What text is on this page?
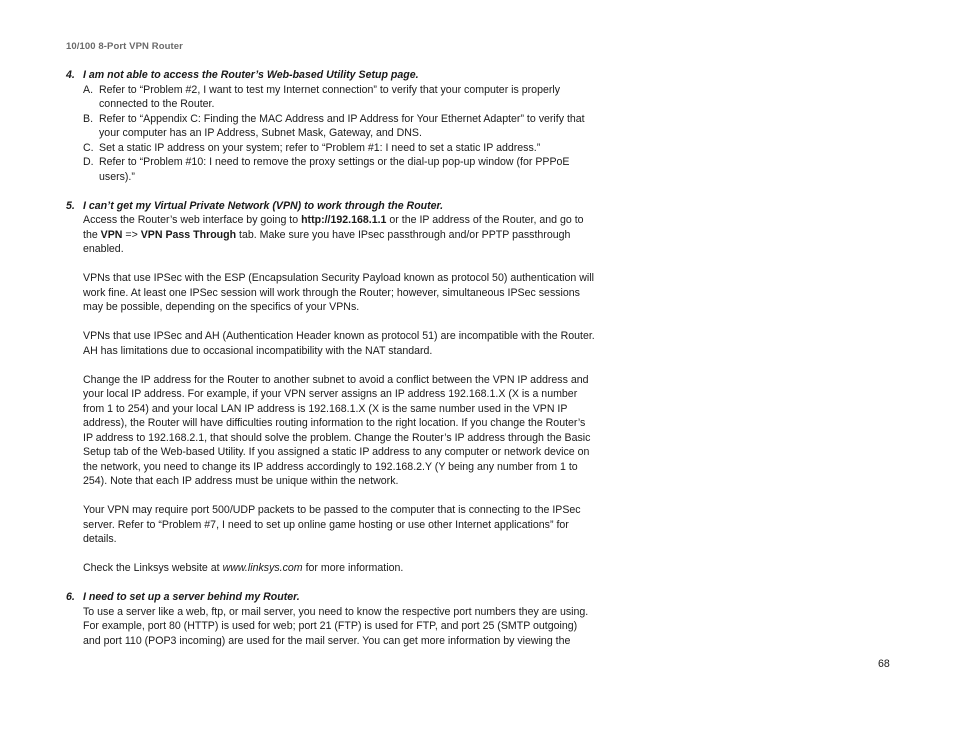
10/100 8-Port VPN Router
4. I am not able to access the Router’s Web-based Utility Setup page.
A. Refer to “Problem #2, I want to test my Internet connection” to verify that your computer is properly connected to the Router.
B. Refer to “Appendix C: Finding the MAC Address and IP Address for Your Ethernet Adapter” to verify that your computer has an IP Address, Subnet Mask, Gateway, and DNS.
C. Set a static IP address on your system; refer to “Problem #1: I need to set a static IP address.”
D. Refer to “Problem #10: I need to remove the proxy settings or the dial-up pop-up window (for PPPoE users).”
5. I can’t get my Virtual Private Network (VPN) to work through the Router.
Access the Router’s web interface by going to http://192.168.1.1 or the IP address of the Router, and go to the VPN => VPN Pass Through tab. Make sure you have IPsec passthrough and/or PPTP passthrough enabled.
VPNs that use IPSec with the ESP (Encapsulation Security Payload known as protocol 50) authentication will work fine. At least one IPSec session will work through the Router; however, simultaneous IPSec sessions may be possible, depending on the specifics of your VPNs.
VPNs that use IPSec and AH (Authentication Header known as protocol 51) are incompatible with the Router. AH has limitations due to occasional incompatibility with the NAT standard.
Change the IP address for the Router to another subnet to avoid a conflict between the VPN IP address and your local IP address. For example, if your VPN server assigns an IP address 192.168.1.X (X is a number from 1 to 254) and your local LAN IP address is 192.168.1.X (X is the same number used in the VPN IP address), the Router will have difficulties routing information to the right location. If you change the Router’s IP address to 192.168.2.1, that should solve the problem. Change the Router’s IP address through the Basic Setup tab of the Web-based Utility. If you assigned a static IP address to any computer or network device on the network, you need to change its IP address accordingly to 192.168.2.Y (Y being any number from 1 to 254). Note that each IP address must be unique within the network.
Your VPN may require port 500/UDP packets to be passed to the computer that is connecting to the IPSec server. Refer to “Problem #7, I need to set up online game hosting or use other Internet applications” for details.
Check the Linksys website at www.linksys.com for more information.
6. I need to set up a server behind my Router.
To use a server like a web, ftp, or mail server, you need to know the respective port numbers they are using. For example, port 80 (HTTP) is used for web; port 21 (FTP) is used for FTP, and port 25 (SMTP outgoing) and port 110 (POP3 incoming) are used for the mail server. You can get more information by viewing the
68
